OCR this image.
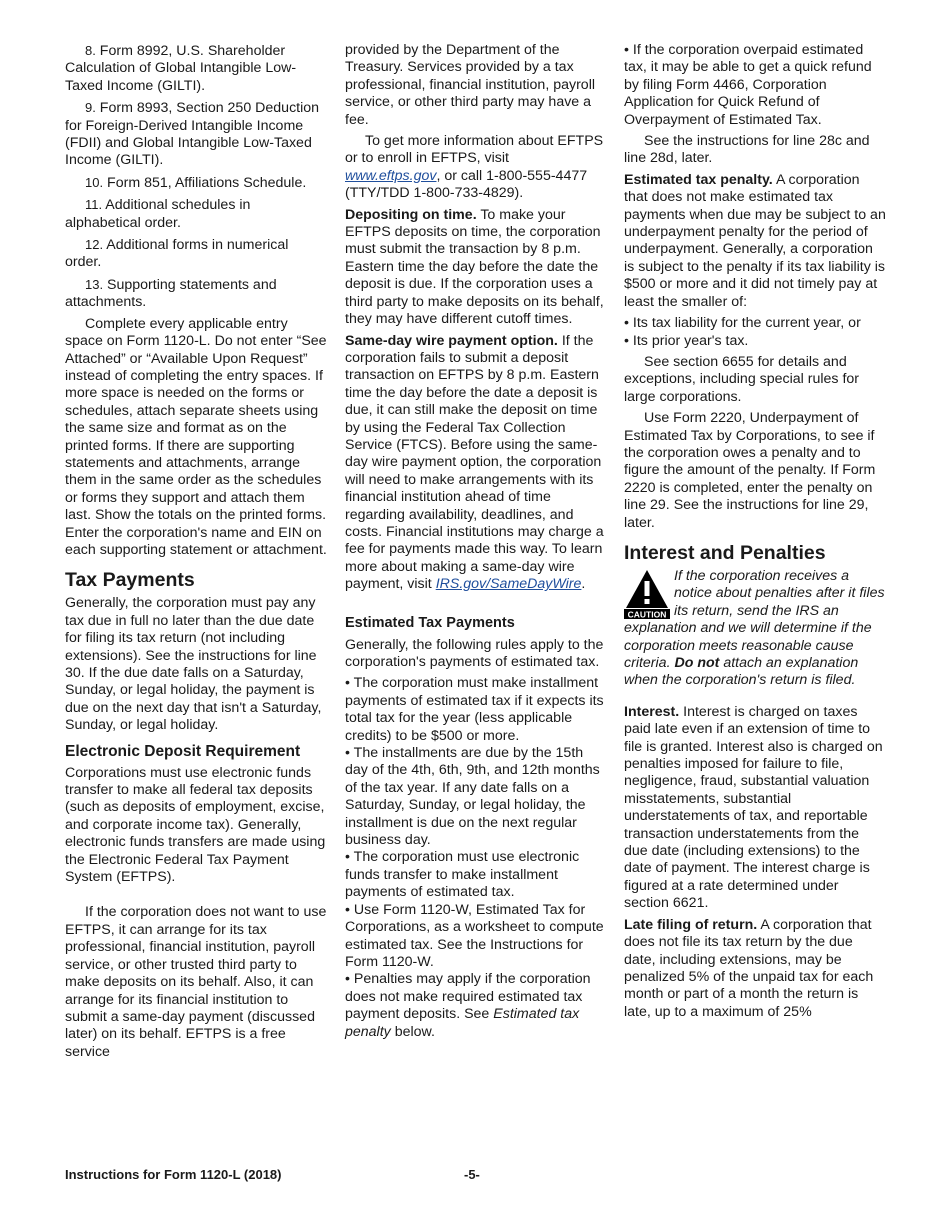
8. Form 8992, U.S. Shareholder Calculation of Global Intangible Low-Taxed Income (GILTI).

9. Form 8993, Section 250 Deduction for Foreign-Derived Intangible Income (FDII) and Global Intangible Low-Taxed Income (GILTI).

10. Form 851, Affiliations Schedule.

11. Additional schedules in alphabetical order.

12. Additional forms in numerical order.

13. Supporting statements and attachments.

Complete every applicable entry space on Form 1120-L. Do not enter “See Attached” or “Available Upon Request” instead of completing the entry spaces. If more space is needed on the forms or schedules, attach separate sheets using the same size and format as on the printed forms. If there are supporting statements and attachments, arrange them in the same order as the schedules or forms they support and attach them last. Show the totals on the printed forms. Enter the corporation's name and EIN on each supporting statement or attachment.

Tax Payments

Generally, the corporation must pay any tax due in full no later than the due date for filing its tax return (not including extensions). See the instructions for line 30. If the due date falls on a Saturday, Sunday, or legal holiday, the payment is due on the next day that isn't a Saturday, Sunday, or legal holiday.

Electronic Deposit Requirement

Corporations must use electronic funds transfer to make all federal tax deposits (such as deposits of employment, excise, and corporate income tax). Generally, electronic funds transfers are made using the Electronic Federal Tax Payment System (EFTPS).

If the corporation does not want to use EFTPS, it can arrange for its tax professional, financial institution, payroll service, or other trusted third party to make deposits on its behalf. Also, it can arrange for its financial institution to submit a same-day payment (discussed later) on its behalf. EFTPS is a free service

provided by the Department of the Treasury. Services provided by a tax professional, financial institution, payroll service, or other third party may have a fee.

To get more information about EFTPS or to enroll in EFTPS, visit www.eftps.gov, or call 1-800-555-4477 (TTY/TDD 1-800-733-4829).

Depositing on time. To make your EFTPS deposits on time, the corporation must submit the transaction by 8 p.m. Eastern time the day before the date the deposit is due. If the corporation uses a third party to make deposits on its behalf, they may have different cutoff times.

Same-day wire payment option. If the corporation fails to submit a deposit transaction on EFTPS by 8 p.m. Eastern time the day before the date a deposit is due, it can still make the deposit on time by using the Federal Tax Collection Service (FTCS). Before using the same-day wire payment option, the corporation will need to make arrangements with its financial institution ahead of time regarding availability, deadlines, and costs. Financial institutions may charge a fee for payments made this way. To learn more about making a same-day wire payment, visit IRS.gov/SameDayWire.

Estimated Tax Payments

Generally, the following rules apply to the corporation's payments of estimated tax.

• The corporation must make installment payments of estimated tax if it expects its total tax for the year (less applicable credits) to be $500 or more.

• The installments are due by the 15th day of the 4th, 6th, 9th, and 12th months of the tax year. If any date falls on a Saturday, Sunday, or legal holiday, the installment is due on the next regular business day.

• The corporation must use electronic funds transfer to make installment payments of estimated tax.

• Use Form 1120-W, Estimated Tax for Corporations, as a worksheet to compute estimated tax. See the Instructions for Form 1120-W.

• Penalties may apply if the corporation does not make required estimated tax payment deposits. See Estimated tax penalty below.

• If the corporation overpaid estimated tax, it may be able to get a quick refund by filing Form 4466, Corporation Application for Quick Refund of Overpayment of Estimated Tax.

See the instructions for line 28c and line 28d, later.

Estimated tax penalty. A corporation that does not make estimated tax payments when due may be subject to an underpayment penalty for the period of underpayment. Generally, a corporation is subject to the penalty if its tax liability is $500 or more and it did not timely pay at least the smaller of:

• Its tax liability for the current year, or

• Its prior year's tax.

See section 6655 for details and exceptions, including special rules for large corporations.

Use Form 2220, Underpayment of Estimated Tax by Corporations, to see if the corporation owes a penalty and to figure the amount of the penalty. If Form 2220 is completed, enter the penalty on line 29. See the instructions for line 29, later.

Interest and Penalties
CAUTION

If the corporation receives a notice about penalties after it files its return, send the IRS an explanation and we will determine if the corporation meets reasonable cause criteria. Do not attach an explanation when the corporation's return is filed.

Interest. Interest is charged on taxes paid late even if an extension of time to file is granted. Interest also is charged on penalties imposed for failure to file, negligence, fraud, substantial valuation misstatements, substantial understatements of tax, and reportable transaction understatements from the due date (including extensions) to the date of payment. The interest charge is figured at a rate determined under section 6621.

Late filing of return. A corporation that does not file its tax return by the due date, including extensions, may be penalized 5% of the unpaid tax for each month or part of a month the return is late, up to a maximum of 25%

Instructions for Form 1120-L (2018)	-5-
